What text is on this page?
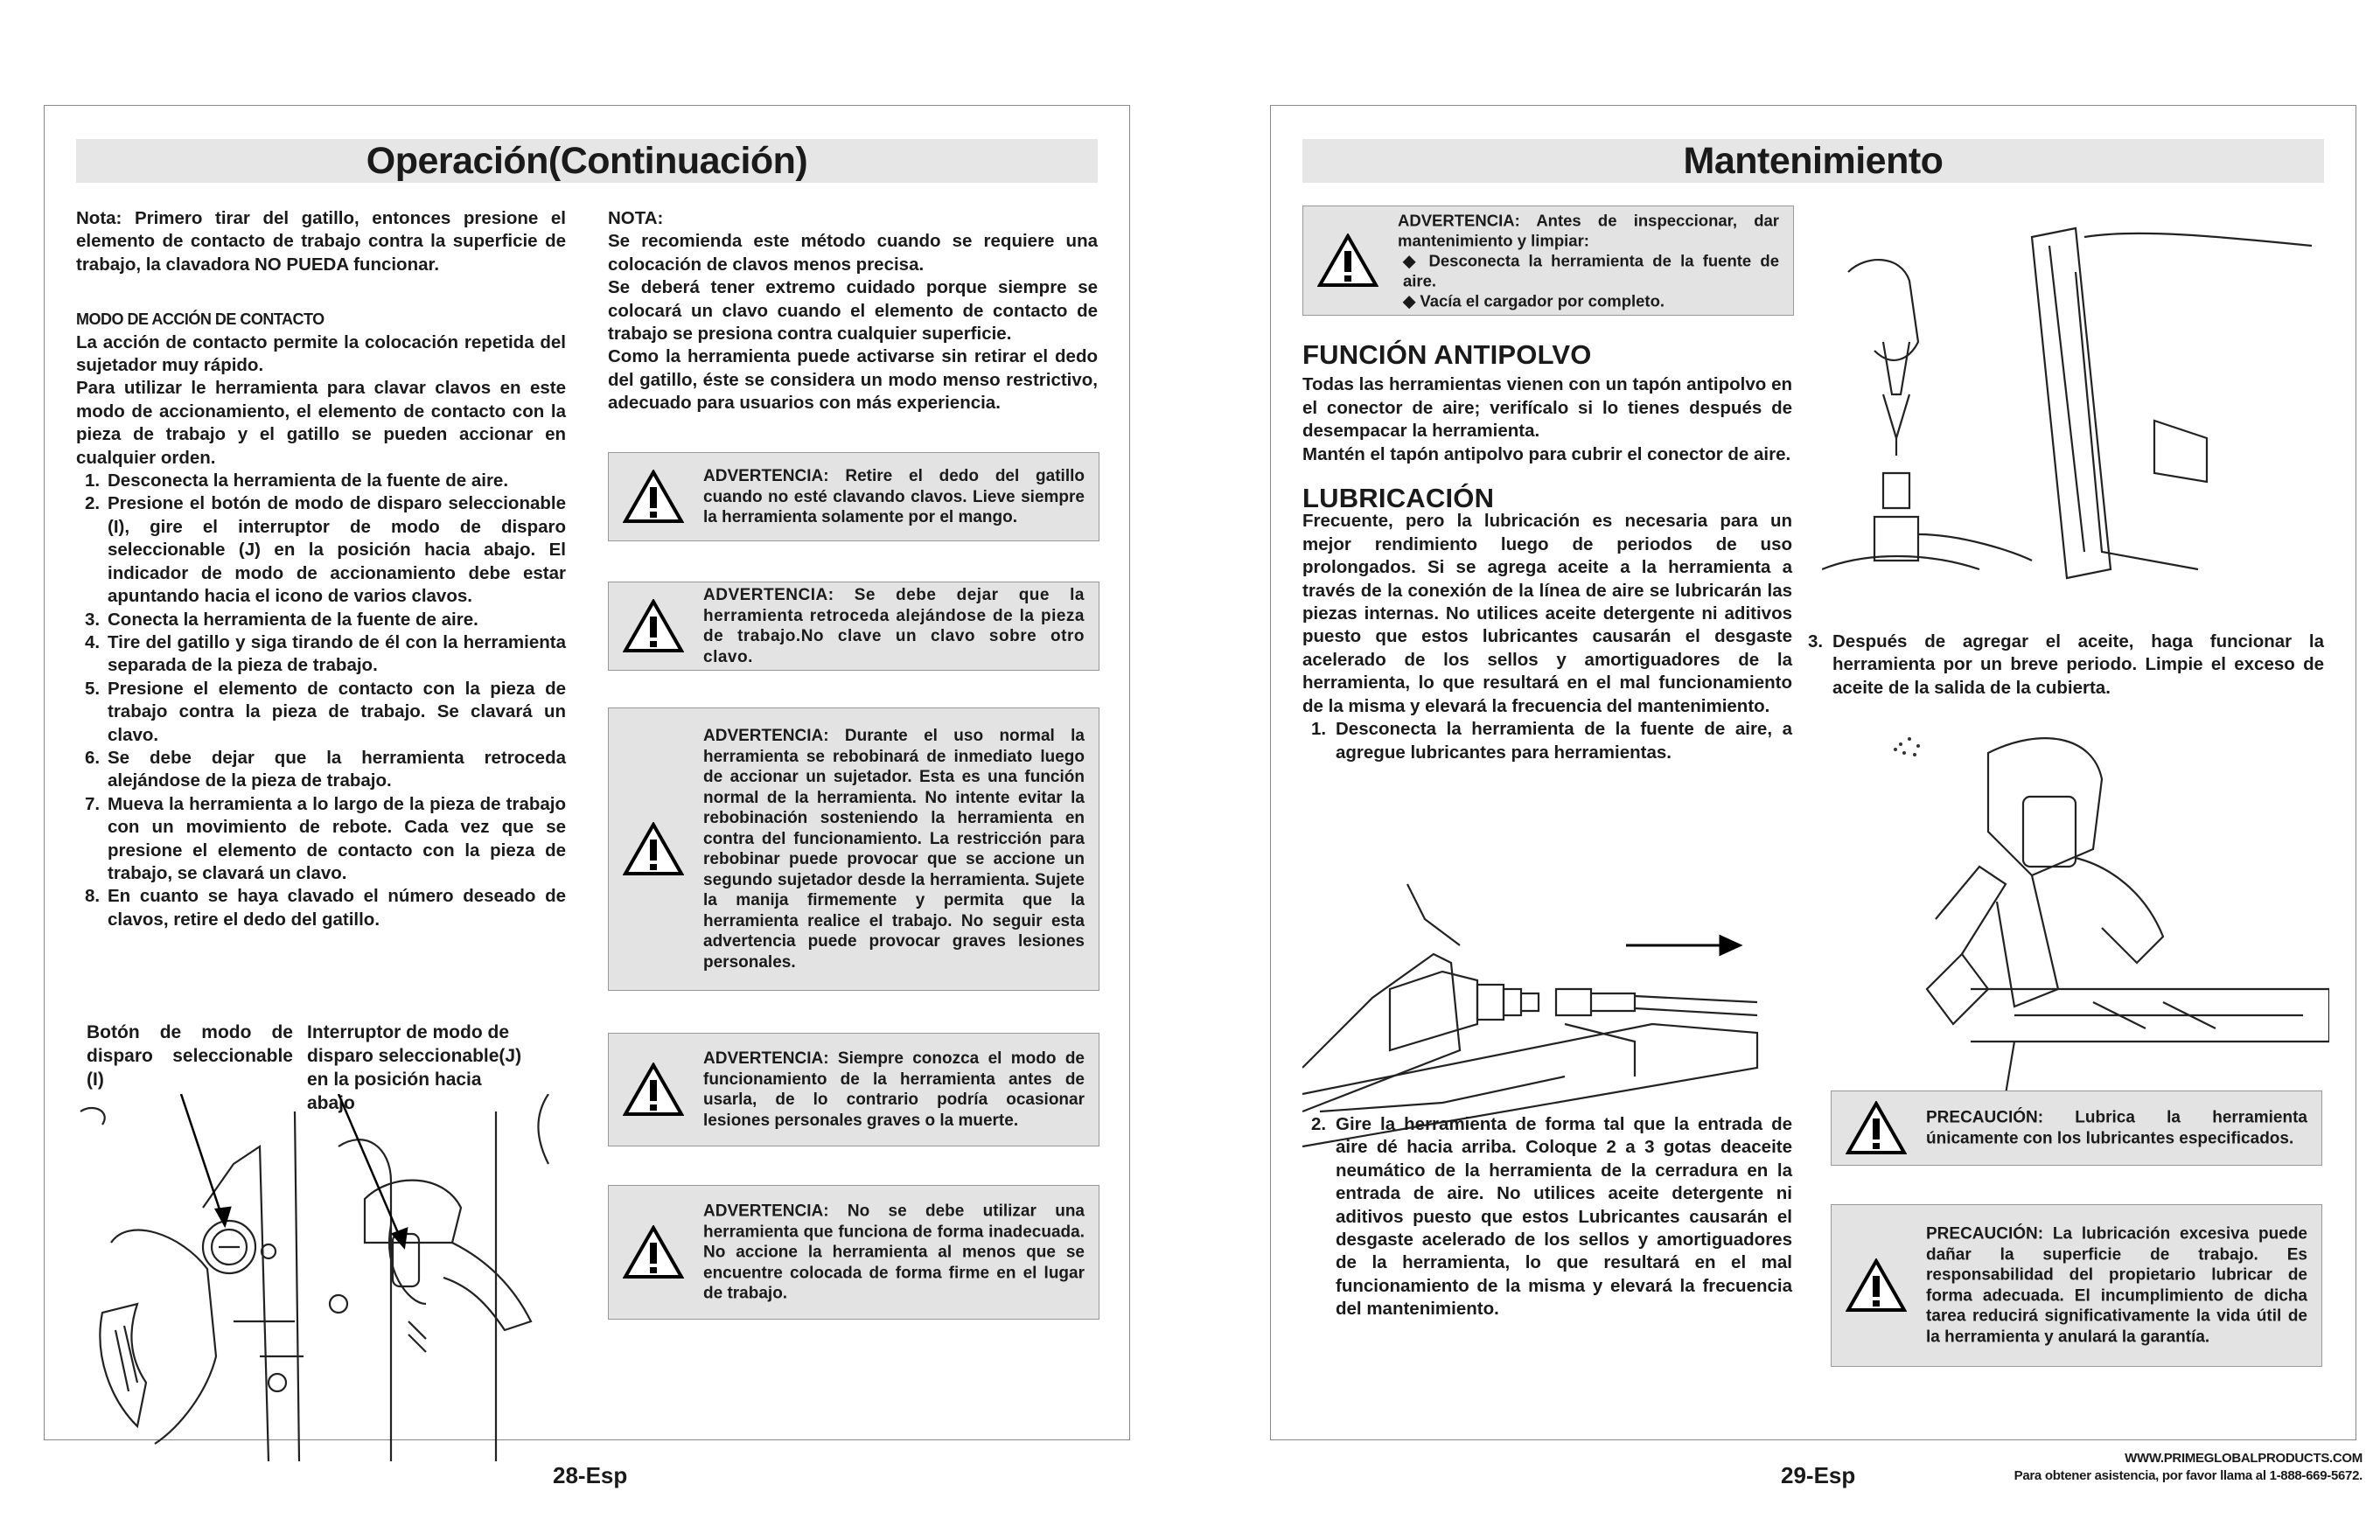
Operación(Continuación)

Nota: Primero tirar del gatillo, entonces presione el elemento de contacto de trabajo contra la superficie de trabajo, la clavadora NO PUEDA funcionar.

MODO DE ACCIÓN DE CONTACTO

La acción de contacto permite la colocación repetida del sujetador muy rápido.

Para utilizar le herramienta para clavar clavos en este modo de accionamiento, el elemento de contacto con la pieza de trabajo y el gatillo se pueden accionar en cualquier orden.

1. Desconecta la herramienta de la fuente de aire.
2. Presione el botón de modo de disparo seleccionable (I), gire el interruptor de modo de disparo seleccionable (J) en la posición hacia abajo. El indicador de modo de accionamiento debe estar apuntando hacia el icono de varios clavos.
3. Conecta la herramienta de la fuente de aire.
4. Tire del gatillo y siga tirando de él con la herramienta separada de la pieza de trabajo.
5. Presione el elemento de contacto con la pieza de trabajo contra la pieza de trabajo. Se clavará un clavo.
6. Se debe dejar que la herramienta retroceda alejándose de la pieza de trabajo.
7. Mueva la herramienta a lo largo de la pieza de trabajo con un movimiento de rebote. Cada vez que se presione el elemento de contacto con la pieza de trabajo, se clavará un clavo.
8. En cuanto se haya clavado el número deseado de clavos, retire el dedo del gatillo.
Botón de modo de disparo seleccionable (I)
Interruptor de modo de disparo seleccionable(J) en la posición hacia abajo

NOTA:

Se recomienda este método cuando se requiere una colocación de clavos menos precisa.

Se deberá tener extremo cuidado porque siempre se colocará un clavo cuando el elemento de contacto de trabajo se presiona contra cualquier superficie.

Como la herramienta puede activarse sin retirar el dedo del gatillo, éste se considera un modo menso restrictivo, adecuado para usuarios con más experiencia.

ADVERTENCIA: Retire el dedo del gatillo cuando no esté clavando clavos. Lieve siempre la herramienta solamente por el mango.
ADVERTENCIA: Se debe dejar que la herramienta retroceda alejándose de la pieza de trabajo.No clave un clavo sobre otro clavo.
ADVERTENCIA: Durante el uso normal la herramienta se rebobinará de inmediato luego de accionar un sujetador. Esta es una función normal de la herramienta. No intente evitar la rebobinación sosteniendo la herramienta en contra del funcionamiento. La restricción para rebobinar puede provocar que se accione un segundo sujetador desde la herramienta. Sujete la manija firmemente y permita que la herramienta realice el trabajo. No seguir esta advertencia puede provocar graves lesiones personales.
ADVERTENCIA: Siempre conozca el modo de funcionamiento de la herramienta antes de usarla, de lo contrario podría ocasionar lesiones personales graves o la muerte.
ADVERTENCIA: No se debe utilizar una herramienta que funciona de forma inadecuada. No accione la herramienta al menos que se encuentre colocada de forma firme en el lugar de trabajo.
28-Esp
Mantenimiento
ADVERTENCIA: Antes de inspeccionar, dar mantenimiento y limpiar:
◆ Desconecta la herramienta de la fuente de aire.
◆ Vacía el cargador por completo.

FUNCIÓN ANTIPOLVO

Todas las herramientas vienen con un tapón antipolvo en el conector de aire; verifícalo si lo tienes después de desempacar la herramienta.

Mantén el tapón antipolvo para cubrir el conector de aire.

LUBRICACIÓN

Frecuente, pero la lubricación es necesaria para un mejor rendimiento luego de periodos de uso prolongados. Si se agrega aceite a la herramienta a través de la conexión de la línea de aire se lubricarán las piezas internas. No utilices aceite detergente ni aditivos puesto que estos lubricantes causarán el desgaste acelerado de los sellos y amortiguadores de la herramienta, lo que resultará en el mal funcionamiento de la misma y elevará la frecuencia del mantenimiento.

1. Desconecta la herramienta de la fuente de aire, a agregue lubricantes para herramientas.
2. Gire la herramienta de forma tal que la entrada de aire dé hacia arriba. Coloque 2 a 3 gotas deaceite neumático de la herramienta de la cerradura en la entrada de aire. No utilices aceite detergente ni aditivos puesto que estos Lubricantes causarán el desgaste acelerado de los sellos y amortiguadores de la herramienta, lo que resultará en el mal funcionamiento de la misma y elevará la frecuencia del mantenimiento.
3. Después de agregar el aceite, haga funcionar la herramienta por un breve periodo. Limpie el exceso de aceite de la salida de la cubierta.
PRECAUCIÓN: Lubrica la herramienta únicamente con los lubricantes especificados.
PRECAUCIÓN: La lubricación excesiva puede dañar la superficie de trabajo. Es responsabilidad del propietario lubricar de forma adecuada. El incumplimiento de dicha tarea reducirá significativamente la vida útil de la herramienta y anulará la garantía.
29-Esp
WWW.PRIMEGLOBALPRODUCTS.COM
Para obtener asistencia, por favor llama al 1-888-669-5672.
